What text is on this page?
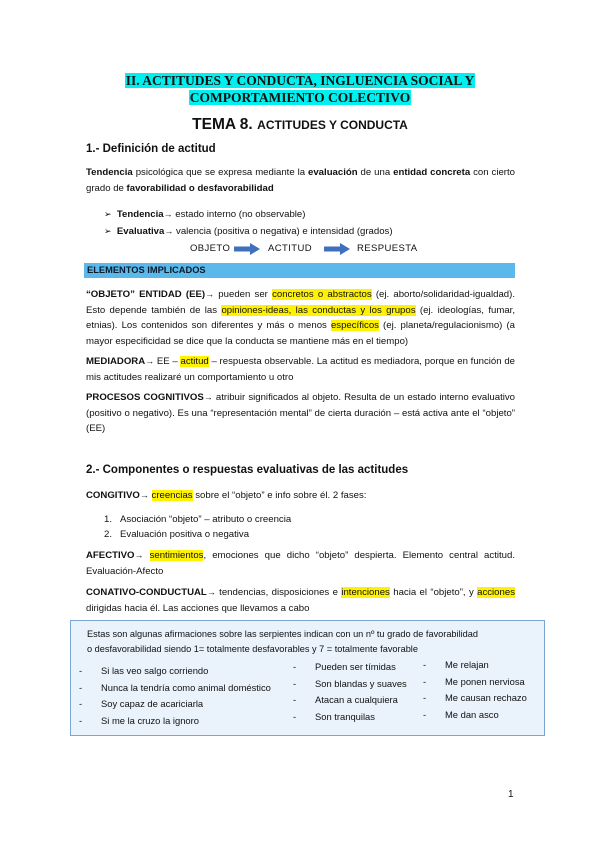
II. ACTITUDES Y CONDUCTA, INGLUENCIA SOCIAL Y
COMPORTAMIENTO COLECTIVO
TEMA 8. ACTITUDES Y CONDUCTA
1.- Definición de actitud
Tendencia psicológica que se expresa mediante la evaluación de una entidad concreta con cierto grado de favorabilidad o desfavorabilidad
➢ Tendencia→ estado interno (no observable)
➢ Evaluativa→ valencia (positiva o negativa) e intensidad (grados)
OBJETO	ACTITUD	RESPUESTA
ELEMENTOS IMPLICADOS
“OBJETO” ENTIDAD (EE)→ pueden ser concretos o abstractos (ej. aborto/solidaridad-igualdad). Esto depende también de las opiniones-ideas, las conductas y los grupos (ej. ideologías, fumar, etnias). Los contenidos son diferentes y más o menos específicos (ej. planeta/regulacionismo) (a mayor especificidad se dice que la conducta se mantiene más en el tiempo)
MEDIADORA→ EE – actitud – respuesta observable. La actitud es mediadora, porque en función de mis actitudes realizaré un comportamiento u otro
PROCESOS COGNITIVOS→ atribuir significados al objeto. Resulta de un estado interno evaluativo (positivo o negativo). Es una “representación mental” de cierta duración – está activa ante el “objeto” (EE)
2.- Componentes o respuestas evaluativas de las actitudes
CONGITIVO→ creencias sobre el “objeto” e info sobre él. 2 fases:
1.   Asociación “objeto” – atributo o creencia
2.   Evaluación positiva o negativa
AFECTIVO→ sentimientos, emociones que dicho “objeto” despierta. Elemento central actitud. Evaluación-Afecto
CONATIVO-CONDUCTUAL→ tendencias, disposiciones e intenciones hacia el “objeto”, y acciones dirigidas hacia él. Las acciones que llevamos a cabo
Estas son algunas afirmaciones sobre las serpientes indican con un nº tu grado de favorabilidad
o desfavorabilidad siendo 1= totalmente desfavorables y 7 = totalmente favorable
- Si las veo salgo corriendo
- Nunca la tendría como animal doméstico
- Soy capaz de acariciarla
- Si me la cruzo la ignoro
- Pueden ser tímidas
- Son blandas y suaves
- Atacan a cualquiera
- Son tranquilas
- Me relajan
- Me ponen nerviosa
- Me causan rechazo
- Me dan asco
1
